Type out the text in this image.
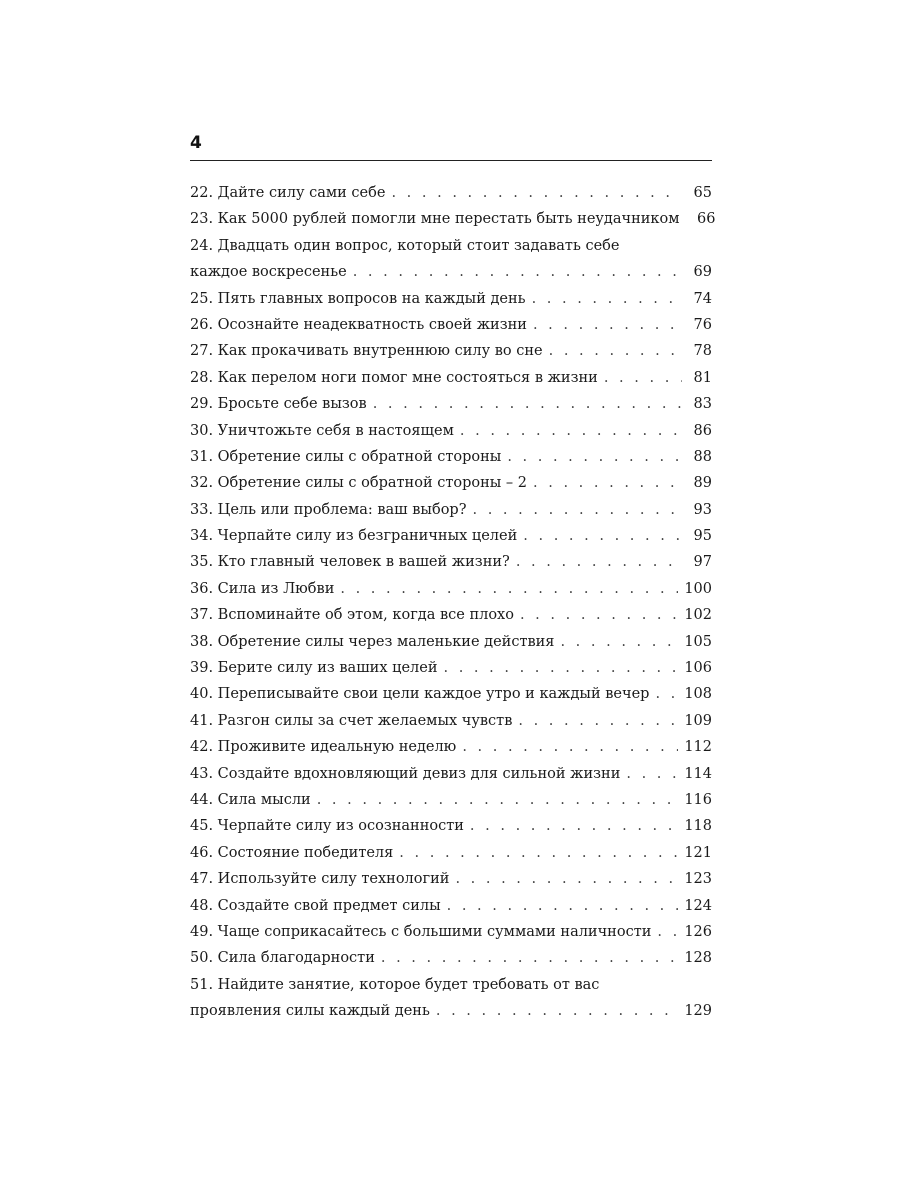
4
22. Дайте силу сами себе . . .	65
23. Как 5000 рублей помогли мне перестать быть неудачником	66
24. Двадцать один вопрос, который стоит задавать себе
каждое воскресенье . . .	69
25. Пять главных вопросов на каждый день . . .	74
26. Осознайте неадекватность своей жизни . . .	76
27. Как прокачивать внутреннюю силу во сне . . .	78
28. Как перелом ноги помог мне состояться в жизни . . .	81
29. Бросьте себе вызов . . .	83
30. Уничтожьте себя в настоящем . . .	86
31. Обретение силы с обратной стороны . . .	88
32. Обретение силы с обратной стороны – 2 . . .	89
33. Цель или проблема: ваш выбор? . . .	93
34. Черпайте силу из безграничных целей . . .	95
35. Кто главный человек в вашей жизни? . . .	97
36. Сила из Любви . . .	100
37. Вспоминайте об этом, когда все плохо . . .	102
38. Обретение силы через маленькие действия . . .	105
39. Берите силу из ваших целей . . .	106
40. Переписывайте свои цели каждое утро и каждый вечер . . . 108
41. Разгон силы за счет желаемых чувств . . .	109
42. Проживите идеальную неделю . . .	112
43. Создайте вдохновляющий девиз для сильной жизни . . .	114
44. Сила мысли . . .	116
45. Черпайте силу из осознанности . . .	118
46. Состояние победителя . . .	121
47. Используйте силу технологий . . .	123
48. Создайте свой предмет силы . . .	124
49. Чаще соприкасайтесь с большими суммами наличности . . . 126
50. Сила благодарности . . .	128
51. Найдите занятие, которое будет требовать от вас
проявления силы каждый день . . .	129
